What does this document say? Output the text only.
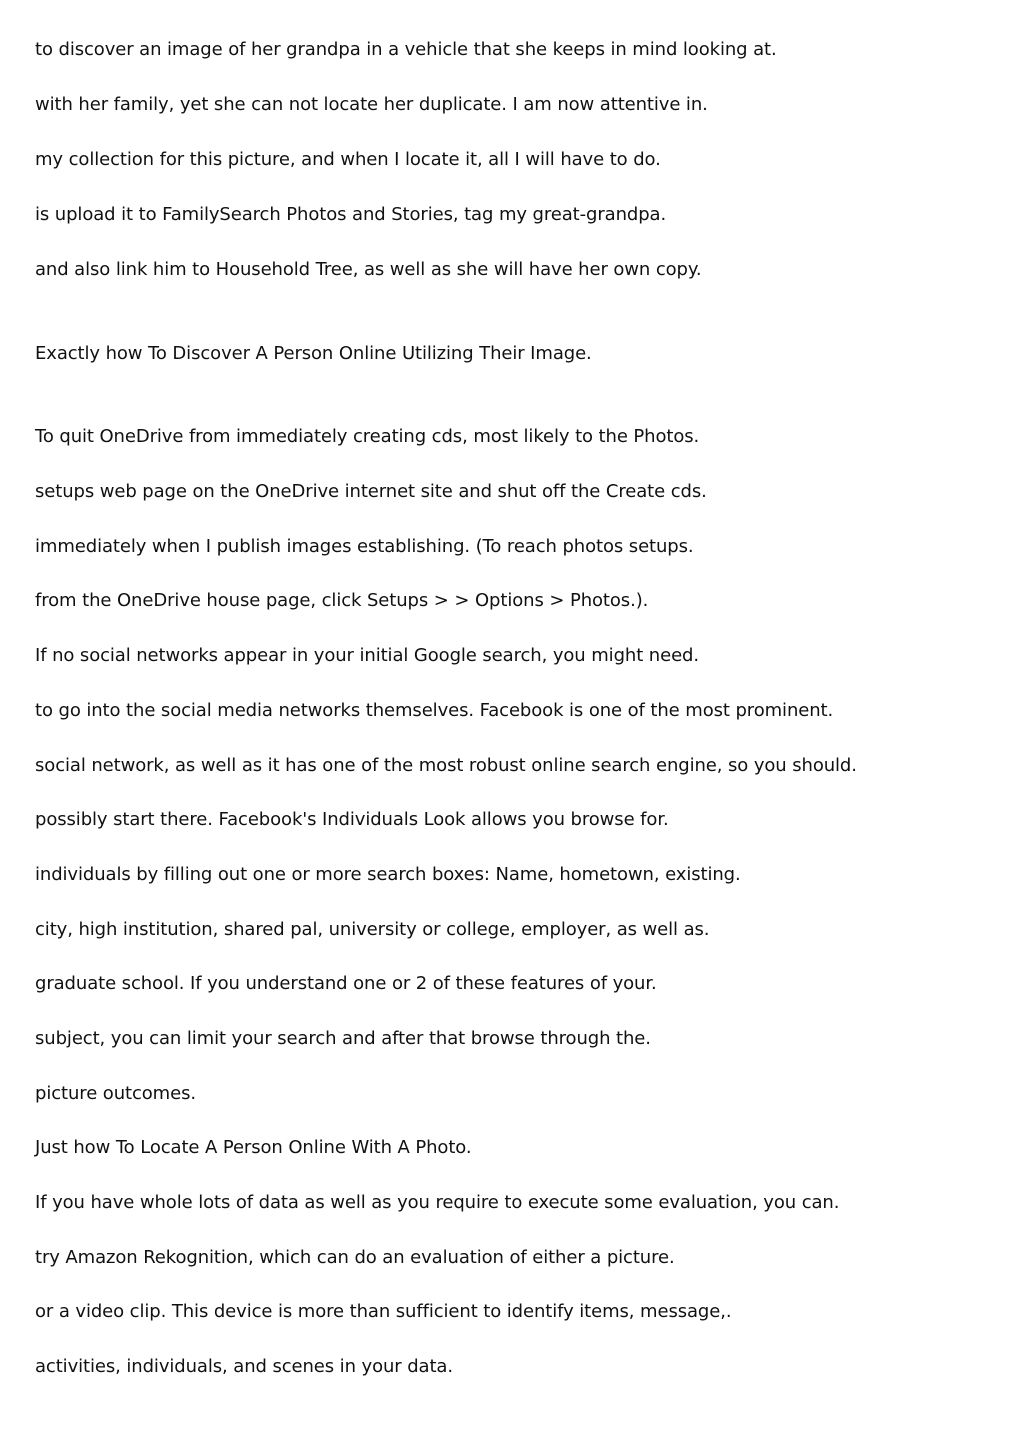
to discover an image of her grandpa in a vehicle that she keeps in mind looking at.
with her family, yet she can not locate her duplicate. I am now attentive in.
my collection for this picture, and when I locate it, all I will have to do.
is upload it to FamilySearch Photos and Stories, tag my great-grandpa.
and also link him to Household Tree, as well as she will have her own copy.
Exactly how To Discover A Person Online Utilizing Their Image.
To quit OneDrive from immediately creating cds, most likely to the Photos.
setups web page on the OneDrive internet site and shut off the Create cds.
immediately when I publish images establishing. (To reach photos setups.
from the OneDrive house page, click Setups > > Options > Photos.).
If no social networks appear in your initial Google search, you might need.
to go into the social media networks themselves. Facebook is one of the most prominent.
social network, as well as it has one of the most robust online search engine, so you should.
possibly start there. Facebook's Individuals Look allows you browse for.
individuals by filling out one or more search boxes: Name, hometown, existing.
city, high institution, shared pal, university or college, employer, as well as.
graduate school. If you understand one or 2 of these features of your.
subject, you can limit your search and after that browse through the.
picture outcomes.
Just how To Locate A Person Online With A Photo.
If you have whole lots of data as well as you require to execute some evaluation, you can.
try Amazon Rekognition, which can do an evaluation of either a picture.
or a video clip. This device is more than sufficient to identify items, message,.
activities, individuals, and scenes in your data.
